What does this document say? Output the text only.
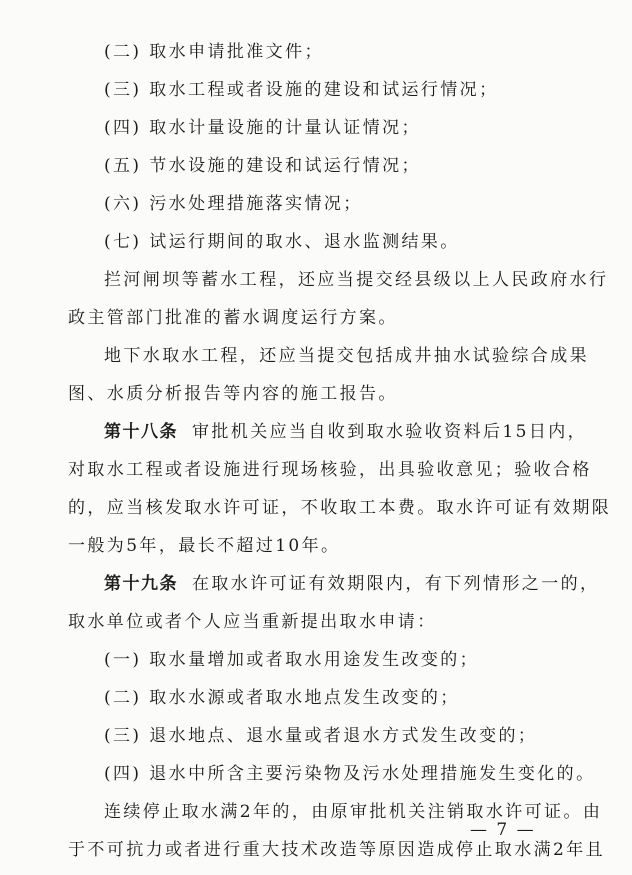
(二) 取水申请批准文件；
(三) 取水工程或者设施的建设和试运行情况；
(四) 取水计量设施的计量认证情况；
(五) 节水设施的建设和试运行情况；
(六) 污水处理措施落实情况；
(七) 试运行期间的取水、退水监测结果。
拦河闸坝等蓄水工程，还应当提交经县级以上人民政府水行
政主管部门批准的蓄水调度运行方案。
地下水取水工程，还应当提交包括成井抽水试验综合成果
图、水质分析报告等内容的施工报告。
第十八条 审批机关应当自收到取水验收资料后15日内，
对取水工程或者设施进行现场核验，出具验收意见；验收合格
的，应当核发取水许可证，不收取工本费。取水许可证有效期限
一般为5年，最长不超过10年。
第十九条 在取水许可证有效期限内，有下列情形之一的，
取水单位或者个人应当重新提出取水申请：
(一) 取水量增加或者取水用途发生改变的；
(二) 取水水源或者取水地点发生改变的；
(三) 退水地点、退水量或者退水方式发生改变的；
(四) 退水中所含主要污染物及污水处理措施发生变化的。
连续停止取水满2年的，由原审批机关注销取水许可证。由
于不可抗力或者进行重大技术改造等原因造成停止取水满2年且
— 7 —
